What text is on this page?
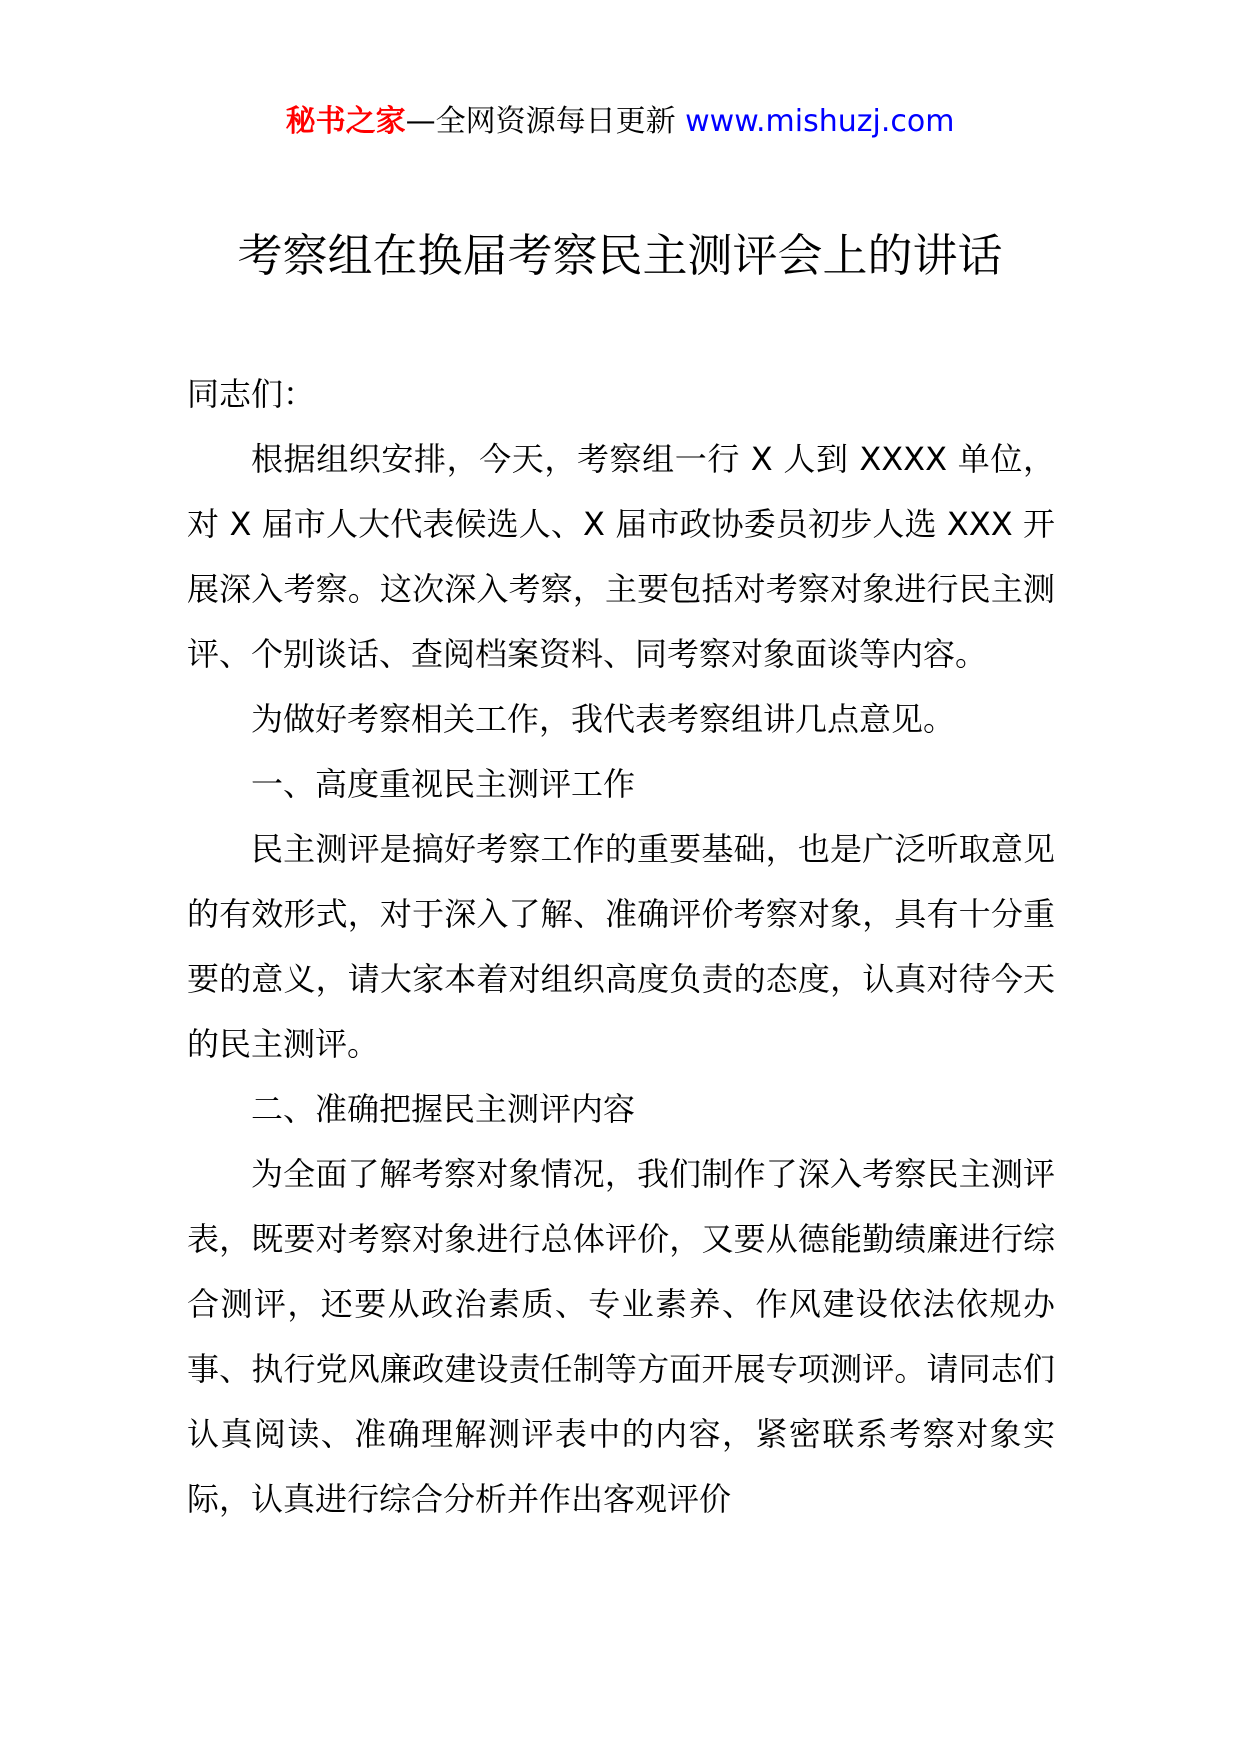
秘书之家—全网资源每日更新 www.mishuzj.com
考察组在换届考察民主测评会上的讲话

同志们：

根据组织安排，今天，考察组一行 X 人到 XXXX 单位，对 X 届市人大代表候选人、X 届市政协委员初步人选 XXX 开展深入考察。这次深入考察，主要包括对考察对象进行民主测评、个别谈话、查阅档案资料、同考察对象面谈等内容。

为做好考察相关工作，我代表考察组讲几点意见。

一、高度重视民主测评工作

民主测评是搞好考察工作的重要基础，也是广泛听取意见的有效形式，对于深入了解、准确评价考察对象，具有十分重要的意义，请大家本着对组织高度负责的态度，认真对待今天的民主测评。

二、准确把握民主测评内容

为全面了解考察对象情况，我们制作了深入考察民主测评表，既要对考察对象进行总体评价，又要从德能勤绩廉进行综合测评，还要从政治素质、专业素养、作风建设依法依规办事、执行党风廉政建设责任制等方面开展专项测评。请同志们认真阅读、准确理解测评表中的内容，紧密联系考察对象实际，认真进行综合分析并作出客观评价
